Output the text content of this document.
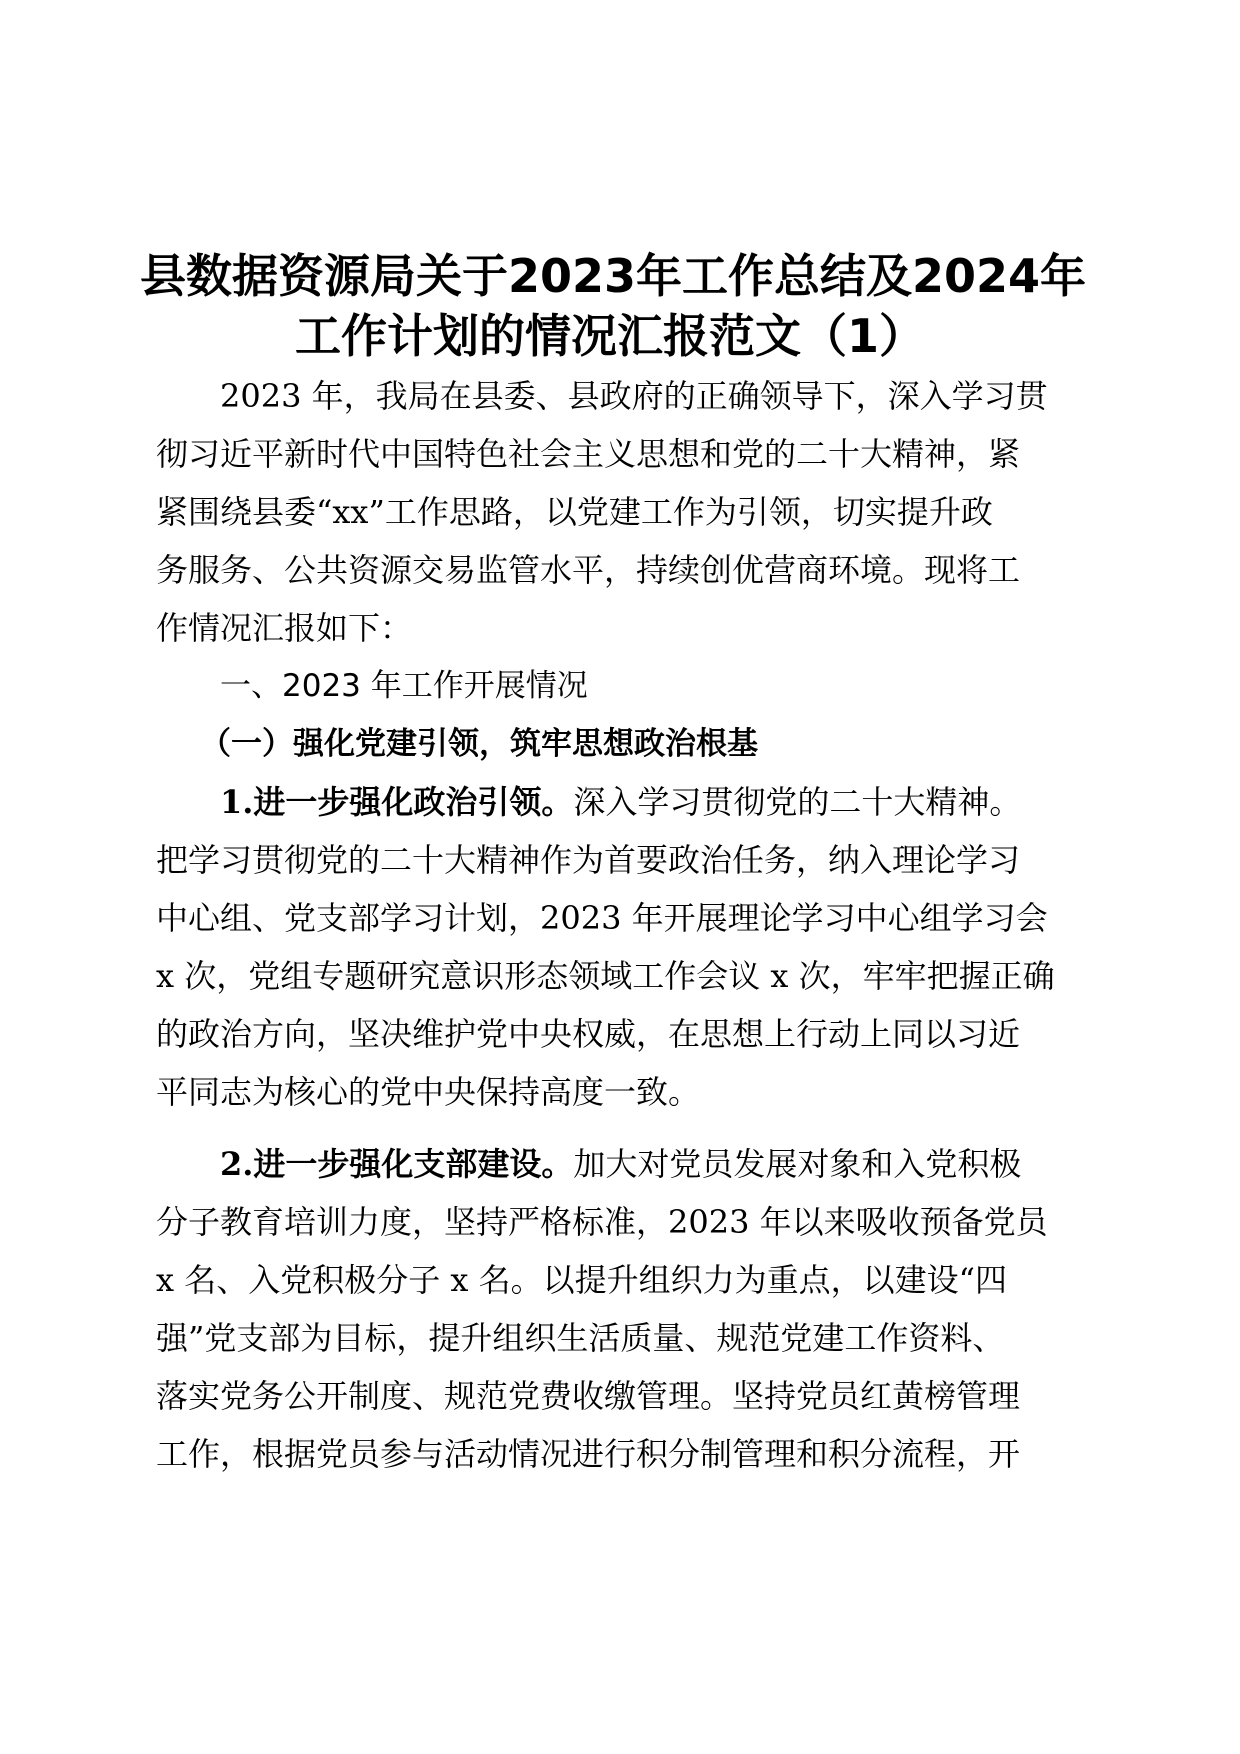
县数据资源局关于2023年工作总结及2024年
工作计划的情况汇报范文（1）
2023 年，我局在县委、县政府的正确领导下，深入学习贯
彻习近平新时代中国特色社会主义思想和党的二十大精神，紧
紧围绕县委“xx”工作思路，以党建工作为引领，切实提升政
务服务、公共资源交易监管水平，持续创优营商环境。现将工
作情况汇报如下：
一、2023 年工作开展情况
（一）强化党建引领，筑牢思想政治根基
1.进一步强化政治引领。深入学习贯彻党的二十大精神。
把学习贯彻党的二十大精神作为首要政治任务，纳入理论学习
中心组、党支部学习计划，2023 年开展理论学习中心组学习会
x 次，党组专题研究意识形态领域工作会议 x 次，牢牢把握正确
的政治方向，坚决维护党中央权威，在思想上行动上同以习近
平同志为核心的党中央保持高度一致。
2.进一步强化支部建设。加大对党员发展对象和入党积极
分子教育培训力度，坚持严格标准，2023 年以来吸收预备党员
x 名、入党积极分子 x 名。以提升组织力为重点，以建设“四
强”党支部为目标，提升组织生活质量、规范党建工作资料、
落实党务公开制度、规范党费收缴管理。坚持党员红黄榜管理
工作，根据党员参与活动情况进行积分制管理和积分流程，开
